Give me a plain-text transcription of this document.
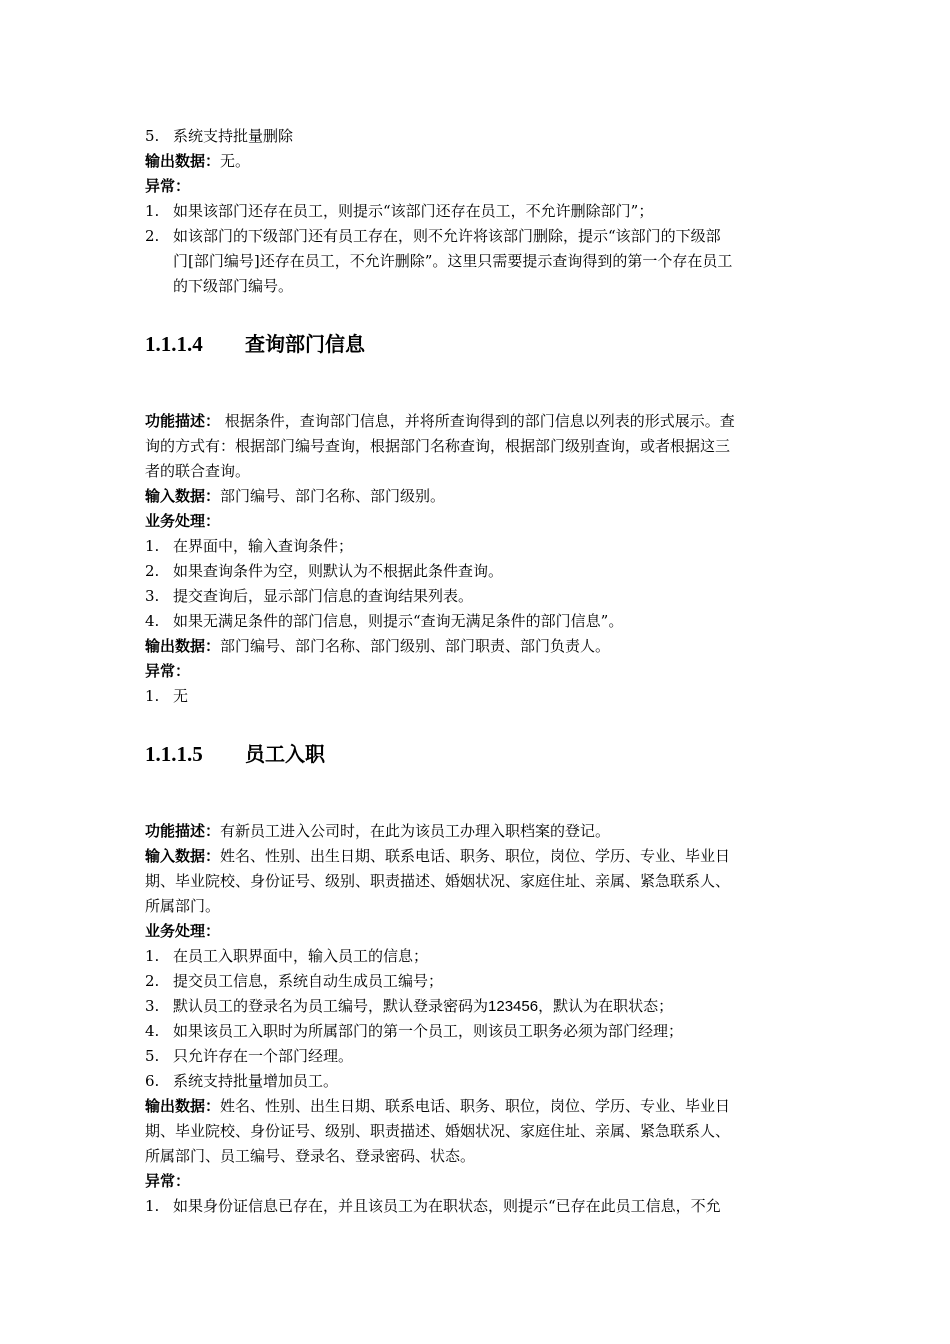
5. 系统支持批量删除
输出数据：无。
异常：
1. 如果该部门还存在员工，则提示“该部门还存在员工，不允许删除部门”；
2. 如该部门的下级部门还有员工存在，则不允许将该部门删除，提示“该部门的下级部
门[部门编号]还存在员工，不允许删除”。这里只需要提示查询得到的第一个存在员工
的下级部门编号。
1.1.1.4 查询部门信息
功能描述： 根据条件，查询部门信息，并将所查询得到的部门信息以列表的形式展示。查
询的方式有：根据部门编号查询，根据部门名称查询，根据部门级别查询，或者根据这三
者的联合查询。
输入数据：部门编号、部门名称、部门级别。
业务处理：
1. 在界面中，输入查询条件；
2. 如果查询条件为空，则默认为不根据此条件查询。
3. 提交查询后，显示部门信息的查询结果列表。
4. 如果无满足条件的部门信息，则提示“查询无满足条件的部门信息”。
输出数据：部门编号、部门名称、部门级别、部门职责、部门负责人。
异常：
1. 无
1.1.1.5 员工入职
功能描述：有新员工进入公司时，在此为该员工办理入职档案的登记。
输入数据：姓名、性别、出生日期、联系电话、职务、职位，岗位、学历、专业、毕业日
期、毕业院校、身份证号、级别、职责描述、婚姻状况、家庭住址、亲属、紧急联系人、
所属部门。
业务处理：
1. 在员工入职界面中，输入员工的信息；
2. 提交员工信息，系统自动生成员工编号；
3. 默认员工的登录名为员工编号，默认登录密码为123456，默认为在职状态；
4. 如果该员工入职时为所属部门的第一个员工，则该员工职务必须为部门经理；
5. 只允许存在一个部门经理。
6. 系统支持批量增加员工。
输出数据：姓名、性别、出生日期、联系电话、职务、职位，岗位、学历、专业、毕业日
期、毕业院校、身份证号、级别、职责描述、婚姻状况、家庭住址、亲属、紧急联系人、
所属部门、员工编号、登录名、登录密码、状态。
异常：
1. 如果身份证信息已存在，并且该员工为在职状态，则提示“已存在此员工信息，不允
